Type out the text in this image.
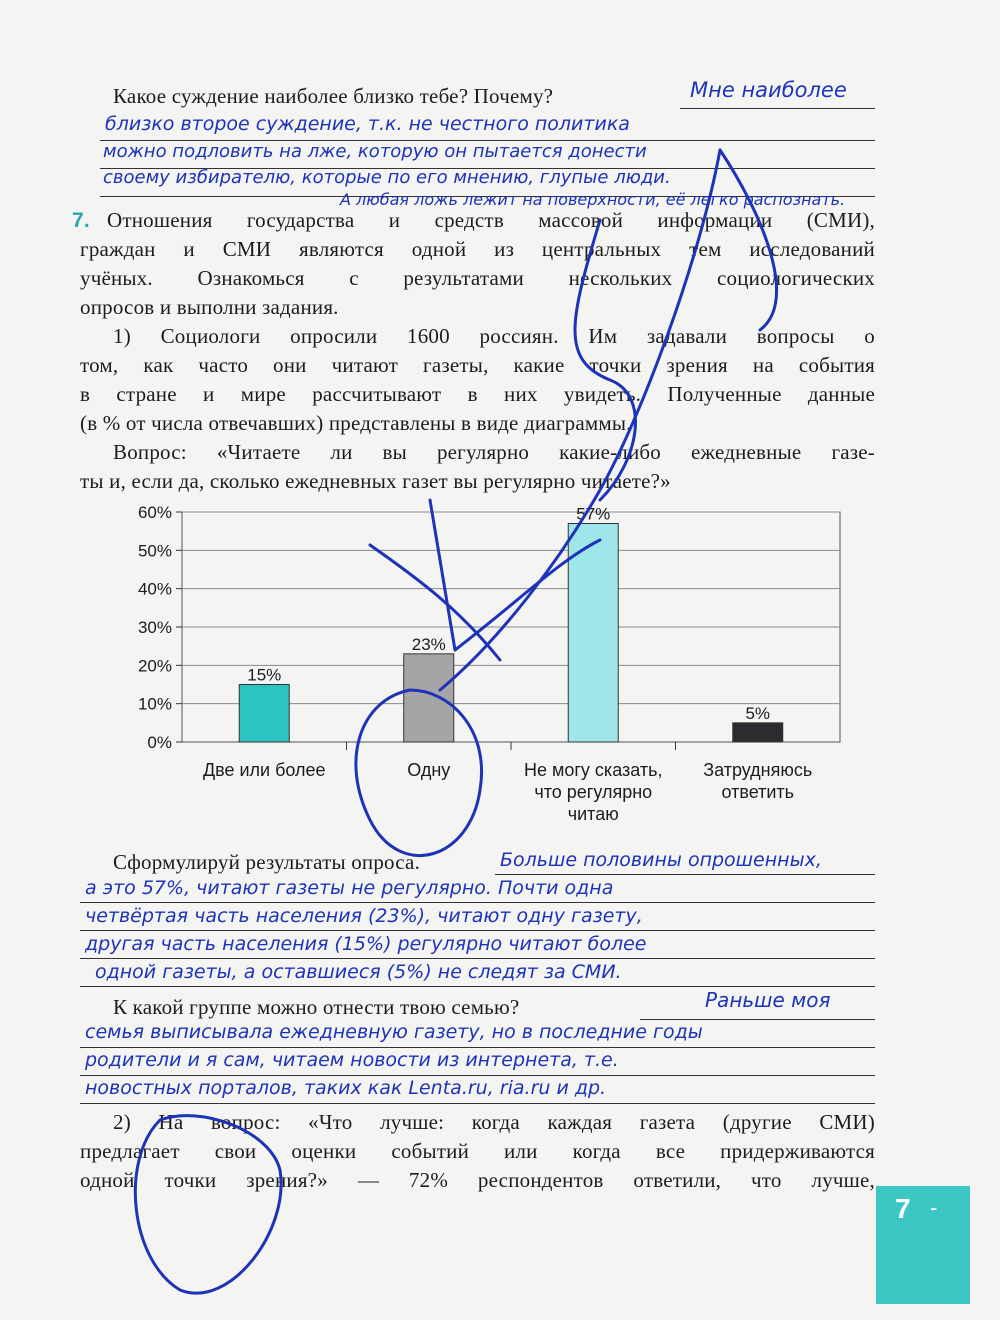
Какое суждение наиболее близко тебе? Почему?	Мне наиболее
близко второе суждение, т.к. не честного политика
можно подловить на лже, которую он пытается донести
своему избирателю, которые по его мнению, глупые люди.
А любая ложь лежит на поверхности, её легко распознать.
7. Отношения государства и средств массовой информации (СМИ),
граждан и СМИ являются одной из центральных тем исследований
учёных. Ознакомься с результатами нескольких социологических
опросов и выполни задания.
1) Социологи опросили 1600 россиян. Им задавали вопросы о
том, как часто они читают газеты, какие точки зрения на события
в стране и мире рассчитывают в них увидеть. Полученные данные
(в % от числа отвечавших) представлены в виде диаграммы.
Вопрос: «Читаете ли вы регулярно какие-либо ежедневные газе-
ты и, если да, сколько ежедневных газет вы регулярно читаете?»
0%
10%
20%
30%
40%
50%
60%
15%
Две или более
23%
Одну
57%
Не могу сказать,
что регулярно
читаю
5%
Затрудняюсь
ответить
Сформулируй результаты опроса.	Больше половины опрошенных,
а это 57%, читают газеты не регулярно. Почти одна
четвёртая часть населения (23%), читают одну газету,
другая часть населения (15%) регулярно читают более
одной газеты, а оставшиеся (5%) не следят за СМИ.
К какой группе можно отнести твою семью?	Раньше моя
семья выписывала ежедневную газету, но в последние годы
родители и я сам, читаем новости из интернета, т.е.
новостных порталов, таких как Lenta.ru, ria.ru и др.
2) На вопрос: «Что лучше: когда каждая газета (другие СМИ)
предлагает свои оценки событий или когда все придерживаются
одной точки зрения?» — 72% респондентов ответили, что лучше,
7 -
